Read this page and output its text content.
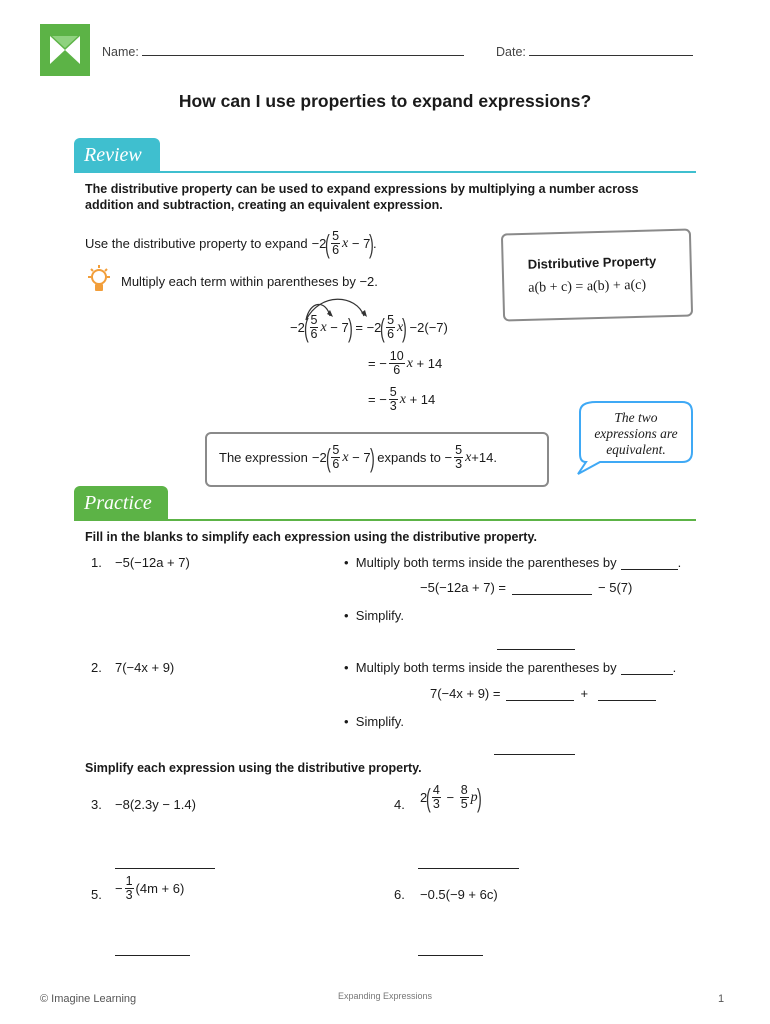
Name:	Date:
How can I use properties to expand expressions?
Review
The distributive property can be used to expand expressions by multiplying a number across addition and subtraction, creating an equivalent expression.
Use the distributive property to expand −2
( $\frac{5}{6}$ x − 7
)
.
Multiply each term within parentheses by −2.
Distributive Property
a(b + c) = a(b) + a(c)
−2
( $\frac{5}{6}$ x − 7
) = −2
( $\frac{5}{6}$ x
)
−2(−7)
= − $\frac{10}{6}$ x + 14
= − $\frac{5}{3}$ x + 14
The two expressions are equivalent.
The expression −2
( $\frac{5}{6}$ x − 7
) expands to − $\frac{5}{3}$ x +14.
Practice
Fill in the blanks to simplify each expression using the distributive property.
1. −5(−12a + 7)	• Multiply both terms inside the parentheses by	.
−5(−12a + 7) =	− 5(7)
• Simplify.
2. 7(−4x + 9)	• Multiply both terms inside the parentheses by	.
7(−4x + 9) =	+
• Simplify.
Simplify each expression using the distributive property.
3. −8(2.3y − 1.4)	4. 2
( $\frac{4}{3} - \frac{8}{5}$ p
)
5. − $\frac{1}{3} (4m + 6)$	6. −0.5(−9 + 6c)
© Imagine Learning	Expanding Expressions	1
